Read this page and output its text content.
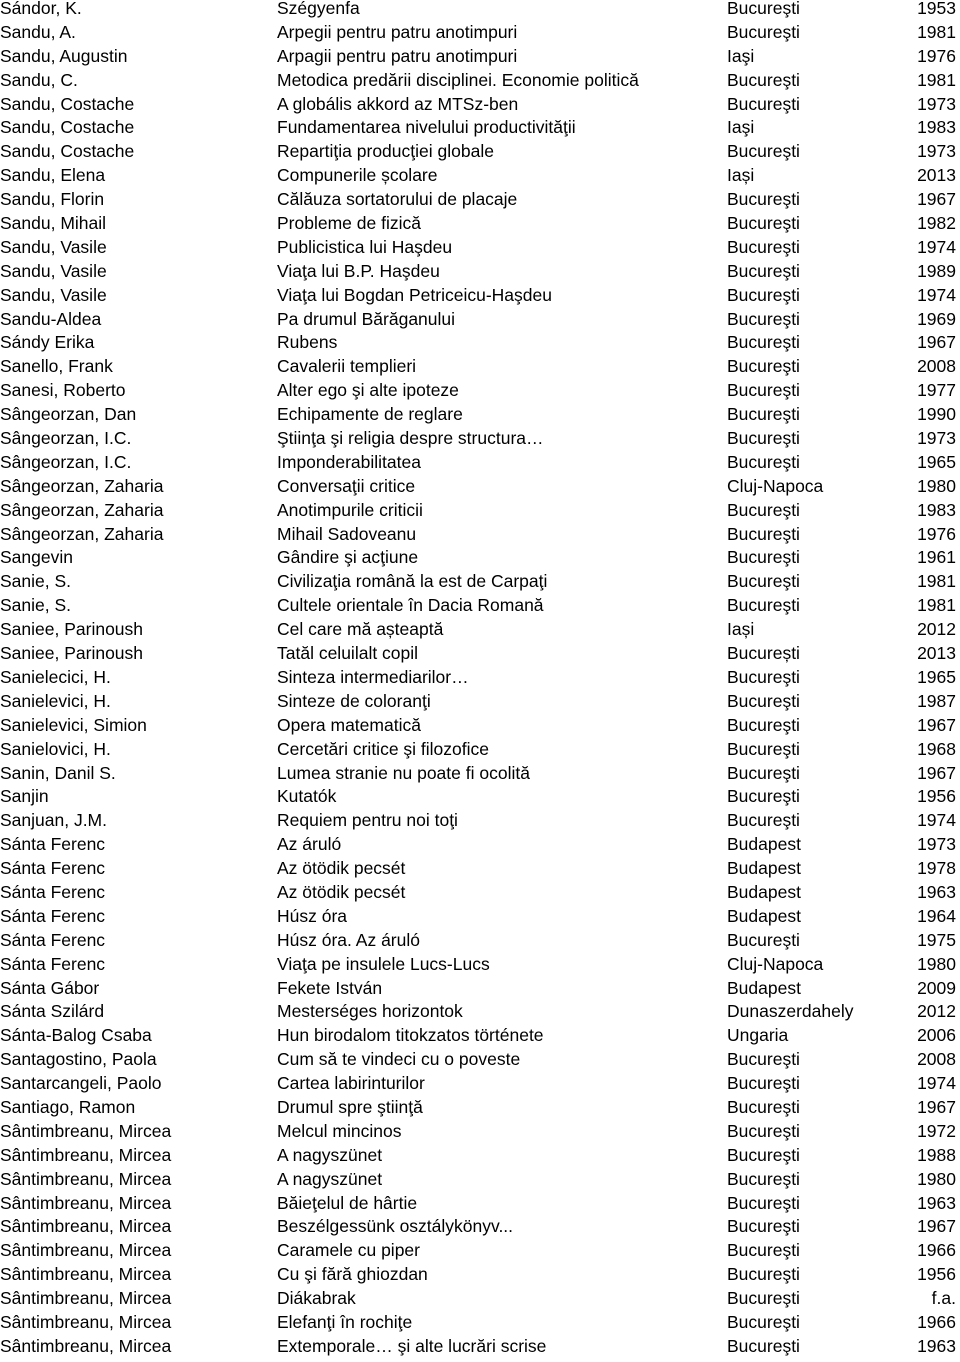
Sándor, K.	Szégyenfa	Bucureşti	1953
Sandu, A.	Arpegii pentru patru anotimpuri	Bucureşti	1981
Sandu, Augustin	Arpagii pentru patru anotimpuri	Iaşi	1976
Sandu, C.	Metodica predării disciplinei. Economie politică	Bucureşti	1981
Sandu, Costache	A globális akkord az MTSz-ben	Bucureşti	1973
Sandu, Costache	Fundamentarea nivelului productivităţii	Iaşi	1983
Sandu, Costache	Repartiţia producţiei globale	Bucureşti	1973
Sandu, Elena	Compunerile școlare	Iași	2013
Sandu, Florin	Călăuza sortatorului de placaje	Bucureşti	1967
Sandu, Mihail	Probleme de fizică	Bucureşti	1982
Sandu, Vasile	Publicistica lui Haşdeu	Bucureşti	1974
Sandu, Vasile	Viaţa lui B.P. Haşdeu	Bucureşti	1989
Sandu, Vasile	Viaţa lui Bogdan Petriceicu-Haşdeu	Bucureşti	1974
Sandu-Aldea	Pa drumul Bărăganului	Bucureşti	1969
Sándy Erika	Rubens	Bucureşti	1967
Sanello, Frank	Cavalerii templieri	Bucureşti	2008
Sanesi, Roberto	Alter ego şi alte ipoteze	Bucureşti	1977
Sângeorzan, Dan	Echipamente de reglare	Bucureşti	1990
Sângeorzan, I.C.	Ştiinţa şi religia despre structura…	Bucureşti	1973
Sângeorzan, I.C.	Imponderabilitatea	Bucureşti	1965
Sângeorzan, Zaharia	Conversaţii critice	Cluj-Napoca	1980
Sângeorzan, Zaharia	Anotimpurile criticii	Bucureşti	1983
Sângeorzan, Zaharia	Mihail Sadoveanu	Bucureşti	1976
Sangevin	Gândire şi acţiune	Bucureşti	1961
Sanie, S.	Civilizaţia română la est de Carpaţi	Bucureşti	1981
Sanie, S.	Cultele orientale în Dacia Romană	Bucureşti	1981
Saniee, Parinoush	Cel care mă așteaptă	Iași	2012
Saniee, Parinoush	Tatăl celuilalt copil	București	2013
Sanielecici, H.	Sinteza intermediarilor…	Bucureşti	1965
Sanielevici, H.	Sinteze de coloranţi	Bucureşti	1987
Sanielevici, Simion	Opera matematică	Bucureşti	1967
Sanielovici, H.	Cercetări critice şi filozofice	Bucureşti	1968
Sanin, Danil S.	Lumea stranie nu poate fi ocolită	Bucureşti	1967
Sanjin	Kutatók	Bucureşti	1956
Sanjuan, J.M.	Requiem pentru noi toţi	Bucureşti	1974
Sánta Ferenc	Az áruló	Budapest	1973
Sánta Ferenc	Az ötödik pecsét	Budapest	1978
Sánta Ferenc	Az ötödik pecsét	Budapest	1963
Sánta Ferenc	Húsz óra	Budapest	1964
Sánta Ferenc	Húsz óra. Az áruló	Bucureşti	1975
Sánta Ferenc	Viaţa pe insulele Lucs-Lucs	Cluj-Napoca	1980
Sánta Gábor	Fekete István	Budapest	2009
Sánta Szilárd	Mesterséges horizontok	Dunaszerdahely	2012
Sánta-Balog Csaba	Hun birodalom titokzatos története	Ungaria	2006
Santagostino, Paola	Cum să te vindeci cu o poveste	Bucureşti	2008
Santarcangeli, Paolo	Cartea labirinturilor	Bucureşti	1974
Santiago, Ramon	Drumul spre ştiinţă	Bucureşti	1967
Sântimbreanu, Mircea	Melcul mincinos	Bucureşti	1972
Sântimbreanu, Mircea	A nagyszünet	Bucureşti	1988
Sântimbreanu, Mircea	A nagyszünet	Bucureşti	1980
Sântimbreanu, Mircea	Băieţelul de hârtie	Bucureşti	1963
Sântimbreanu, Mircea	Beszélgessünk osztálykönyv...	Bucureşti	1967
Sântimbreanu, Mircea	Caramele cu piper	Bucureşti	1966
Sântimbreanu, Mircea	Cu şi fără ghiozdan	Bucureşti	1956
Sântimbreanu, Mircea	Diákabrak	Bucureşti	f.a.
Sântimbreanu, Mircea	Elefanţi în rochiţe	Bucureşti	1966
Sântimbreanu, Mircea	Extemporale… şi alte lucrări scrise	Bucureşti	1963
